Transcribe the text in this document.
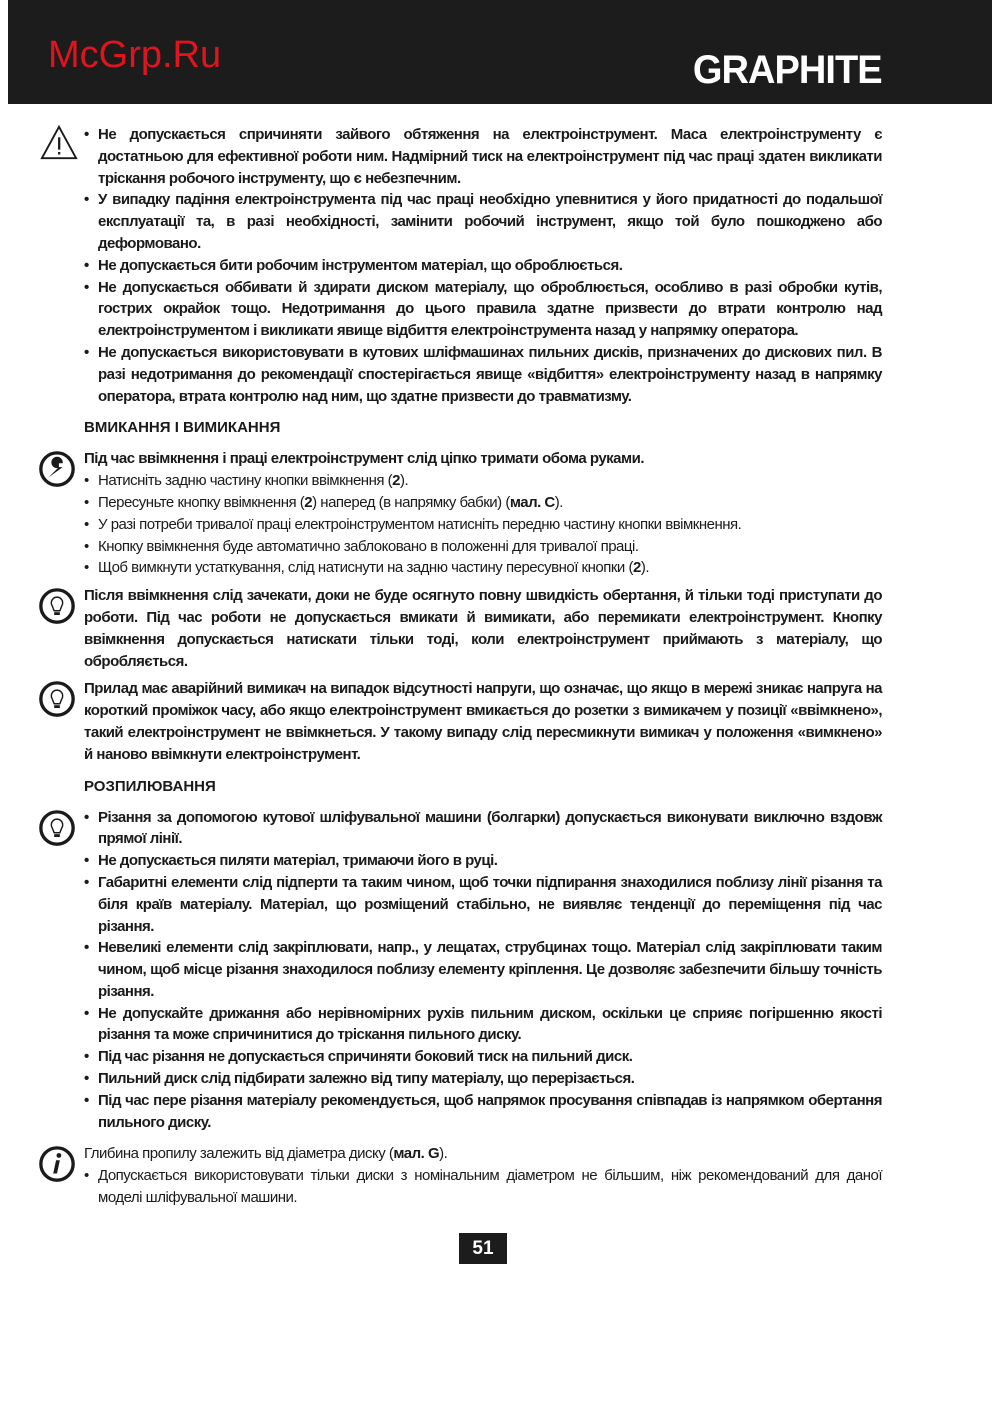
McGrp.Ru	GRAPHITE

• Не допускається спричиняти зайвого обтяження на електроінструмент. Маса електроінструменту є достатньою для ефективної роботи ним. Надмірний тиск на електроінструмент під час праці здатен викликати тріскання робочого інструменту, що є небезпечним.

• У випадку падіння електроінструмента під час праці необхідно упевнитися у його придатності до подальшої експлуатації та, в разі необхідності, замінити робочий інструмент, якщо той було пошкоджено або деформовано.

• Не допускається бити робочим інструментом матеріал, що оброблюється.

• Не допускається оббивати й здирати диском матеріалу, що оброблюється, особливо в разі обробки кутів, гострих окрайок тощо. Недотримання до цього правила здатне призвести до втрати контролю над електроінструментом і викликати явище відбиття електроінструмента назад у напрямку оператора.

• Не допускається використовувати в кутових шліфмашинах пильних дисків, призначених до дискових пил. В разі недотримання до рекомендації спостерігається явище «відбиття» електроінструменту назад в напрямку оператора, втрата контролю над ним, що здатне призвести до травматизму.

ВМИКАННЯ І ВИМИКАННЯ

Під час ввімкнення і праці електроінструмент слід ціпко тримати обома руками.

• Натисніть задню частину кнопки ввімкнення (2).

• Пересуньте кнопку ввімкнення (2) наперед (в напрямку бабки) (мал. C).

• У разі потреби тривалої праці електроінструментом натисніть передню частину кнопки ввімкнення.

• Кнопку ввімкнення буде автоматично заблоковано в положенні для тривалої праці.

• Щоб вимкнути устаткування, слід натиснути на задню частину пересувної кнопки (2).

Після ввімкнення слід зачекати, доки не буде осягнуто повну швидкість обертання, й тільки тоді приступати до роботи. Під час роботи не допускається вмикати й вимикати, або перемикати електроінструмент. Кнопку ввімкнення допускається натискати тільки тоді, коли електроінструмент приймають з матеріалу, що обробляється.

Прилад має аварійний вимикач на випадок відсутності напруги, що означає, що якщо в мережі зникає напруга на короткий проміжок часу, або якщо електроінструмент вмикається до розетки з вимикачем у позиції «ввімкнено», такий електроінструмент не ввімкнеться. У такому випаду слід пересмикнути вимикач у положення «вимкнено» й наново ввімкнути електроінструмент.

РОЗПИЛЮВАННЯ

• Різання за допомогою кутової шліфувальної машини (болгарки) допускається виконувати виключно вздовж прямої лінії.

• Не допускається пиляти матеріал, тримаючи його в руці.

• Габаритні елементи слід підперти та таким чином, щоб точки підпирання знаходилися поблизу лінії різання та біля країв матеріалу. Матеріал, що розміщений стабільно, не виявляє тенденції до переміщення під час різання.

• Невеликі елементи слід закріплювати, напр., у лещатах, струбцинах тощо. Матеріал слід закріплювати таким чином, щоб місце різання знаходилося поблизу елементу кріплення. Це дозволяє забезпечити більшу точність різання.

• Не допускайте дрижання або нерівномірних рухів пильним диском, оскільки це сприяє погіршенню якості різання та може спричинитися до тріскання пильного диску.

• Під час різання не допускається спричиняти боковий тиск на пильний диск.

• Пильний диск слід підбирати залежно від типу матеріалу, що перерізається.

• Під час пере різання матеріалу рекомендується, щоб напрямок просування співпадав із напрямком обертання пильного диску.

Глибина пропилу залежить від діаметра диску (мал. G).

• Допускається використовувати тільки диски з номінальним діаметром не більшим, ніж рекомендований для даної моделі шліфувальної машини.

51
